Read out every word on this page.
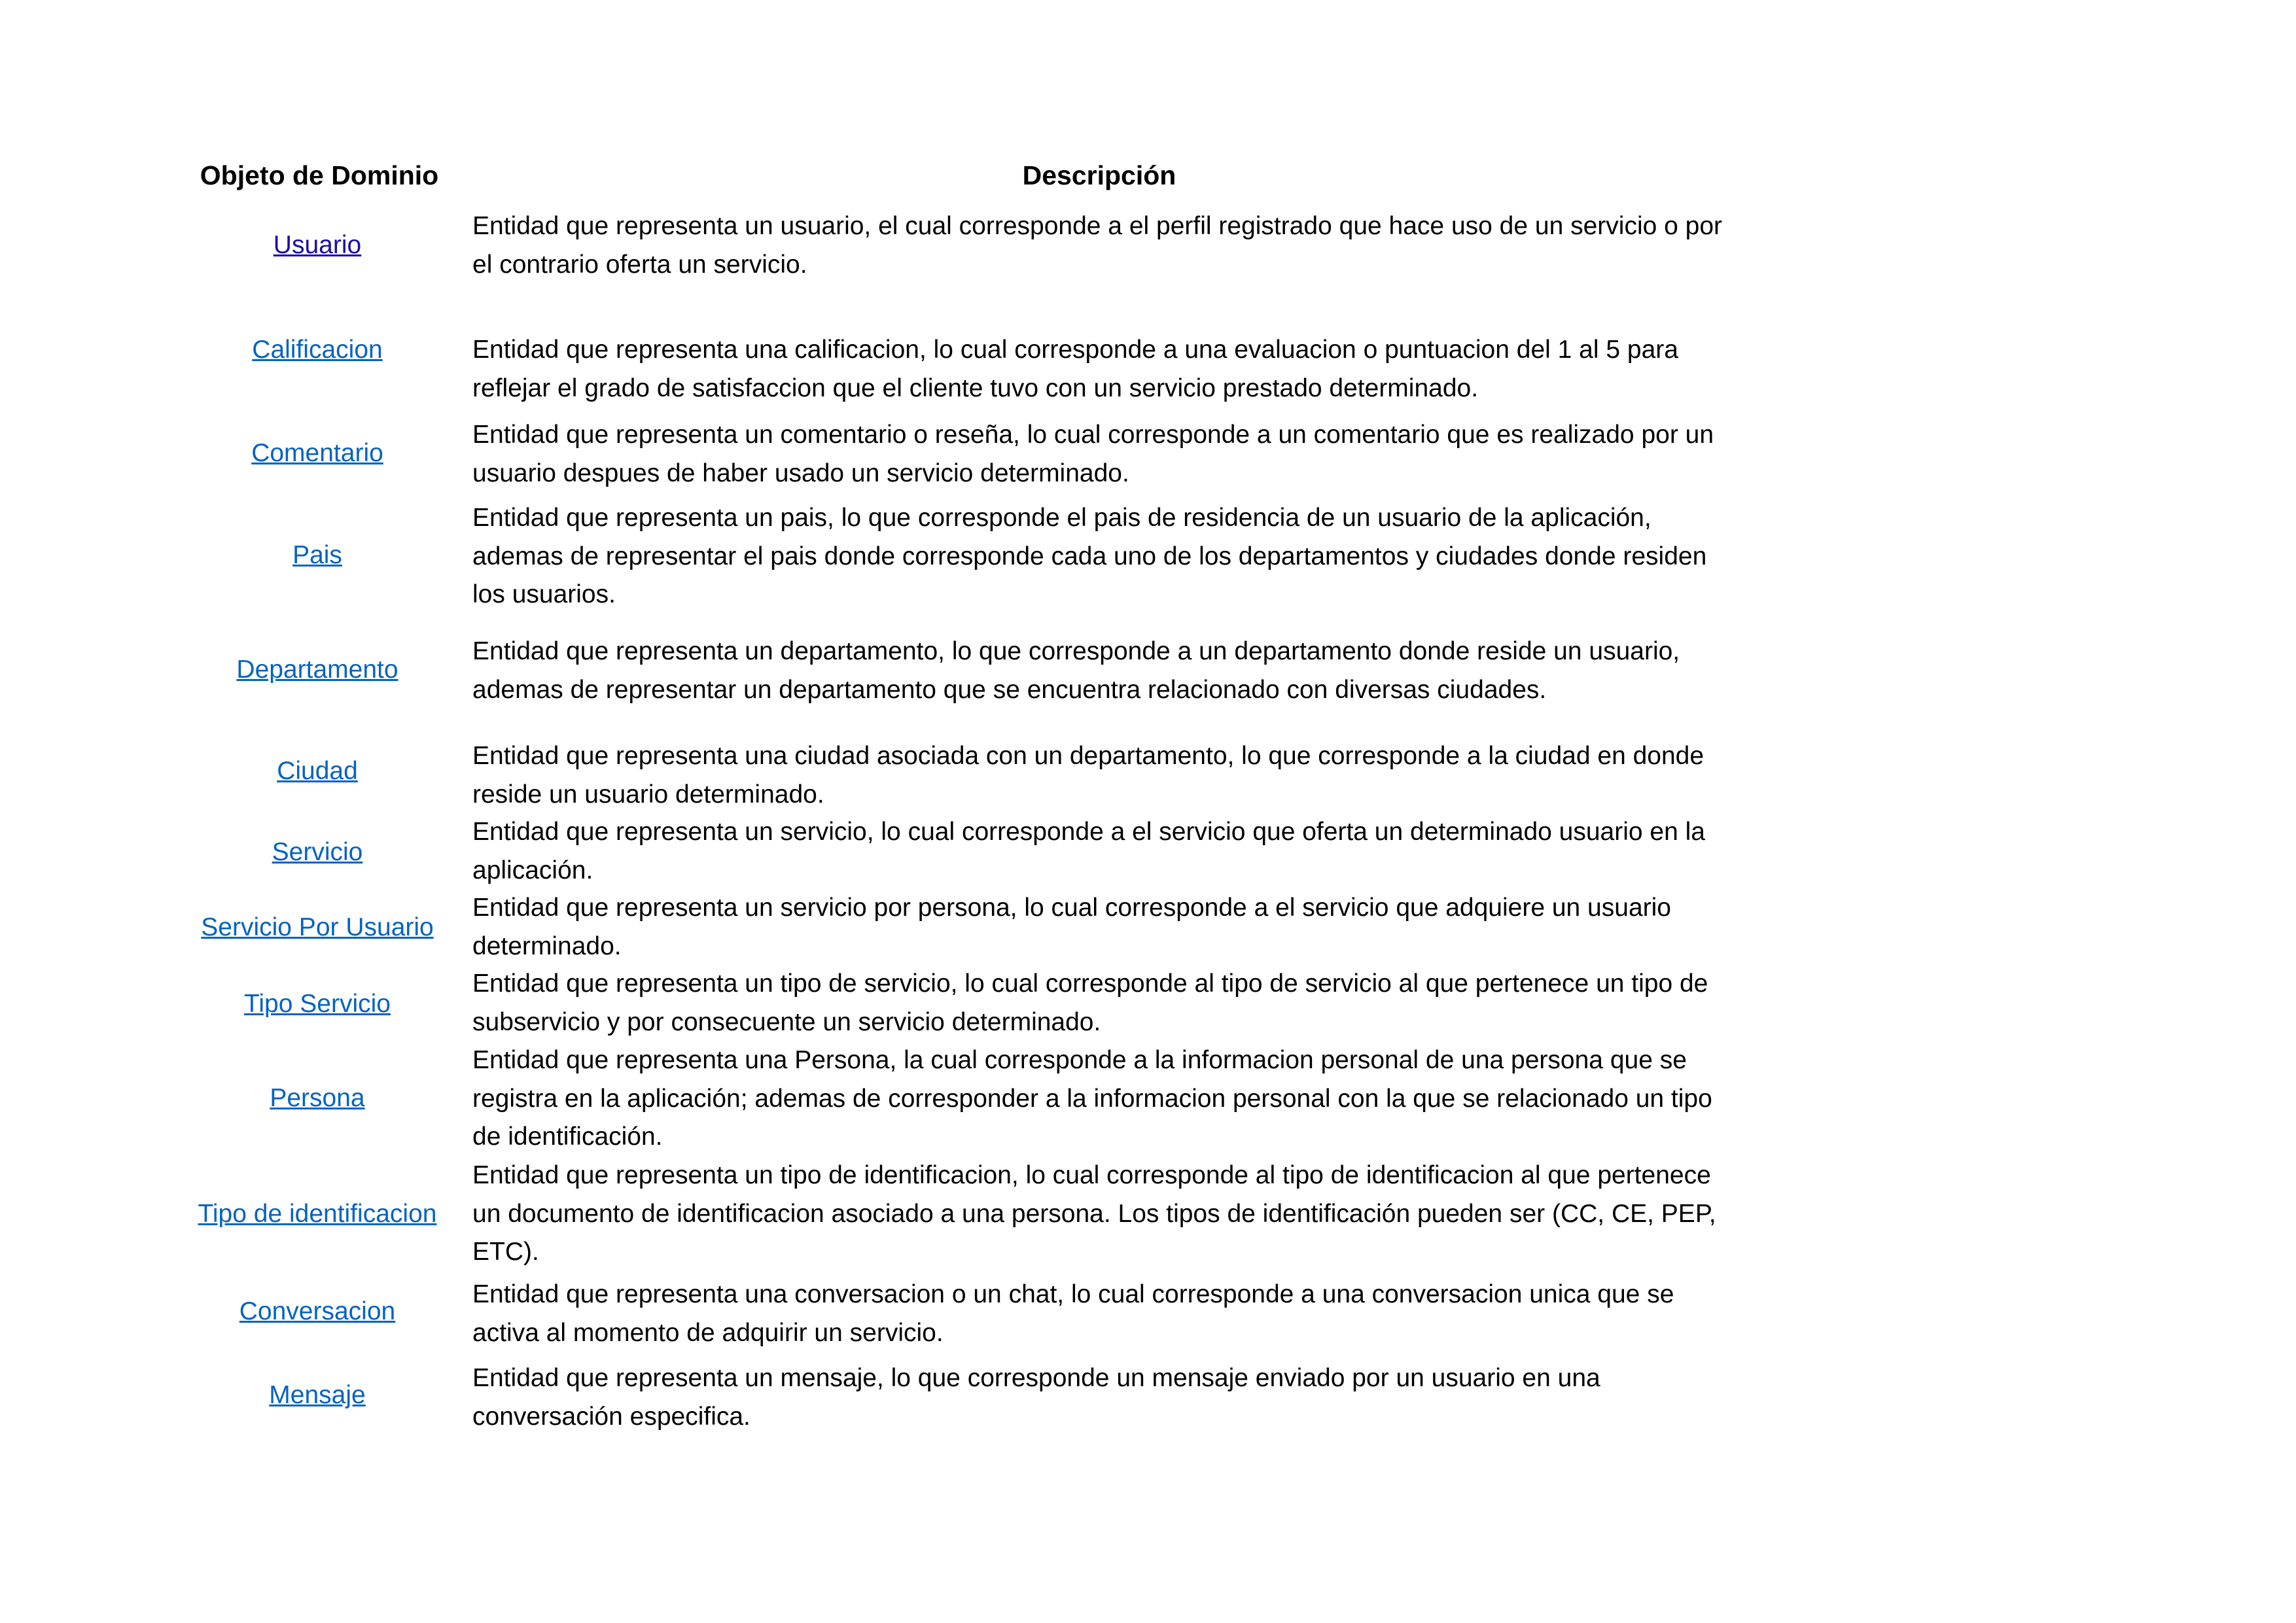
Objeto de Dominio	Descripción
Usuario
Entidad que representa un usuario, el cual corresponde a el perfil registrado que hace uso de un servicio o por el contrario oferta un servicio.
Calificacion	Entidad que representa una calificacion, lo cual corresponde a una evaluacion o puntuacion del 1 al 5 para reflejar el grado de satisfaccion que el cliente tuvo con un servicio prestado determinado.
Comentario
Entidad que representa un comentario o reseña, lo cual corresponde a un comentario que es realizado por un usuario despues de haber usado un servicio determinado.
Pais
Entidad que representa un pais, lo que corresponde el pais de residencia de un usuario de la aplicación, ademas de representar el pais donde corresponde cada uno de los departamentos y ciudades donde residen los usuarios.
Departamento
Entidad que representa un departamento, lo que corresponde a un departamento donde reside un usuario, ademas de representar un departamento que se encuentra relacionado con diversas ciudades.
Ciudad
Entidad que representa una ciudad asociada con un departamento, lo que corresponde a la ciudad en donde reside un usuario determinado.
Servicio
Entidad que representa un servicio, lo cual corresponde a el servicio que oferta un determinado usuario en la aplicación.
Servicio Por Usuario
Entidad que representa un servicio por persona, lo cual corresponde a el servicio que adquiere un usuario determinado.
Tipo Servicio
Entidad que representa un tipo de servicio, lo cual corresponde al tipo de servicio al que pertenece un tipo de subservicio y por consecuente un servicio determinado.
Persona
Entidad que representa una Persona, la cual corresponde a la informacion personal de una persona que se registra en la aplicación; ademas de corresponder a la informacion personal con la que se relacionado un tipo de identificación.
Tipo de identificacion
Entidad que representa un tipo de identificacion, lo cual corresponde al tipo de identificacion al que pertenece un documento de identificacion asociado a una persona. Los tipos de identificación pueden ser (CC, CE, PEP, ETC).
Conversacion
Entidad que representa una conversacion o un chat, lo cual corresponde a una conversacion unica que se activa al momento de adquirir un servicio.
Mensaje
Entidad que representa un mensaje, lo que corresponde un mensaje enviado por un usuario en una conversación especifica.
